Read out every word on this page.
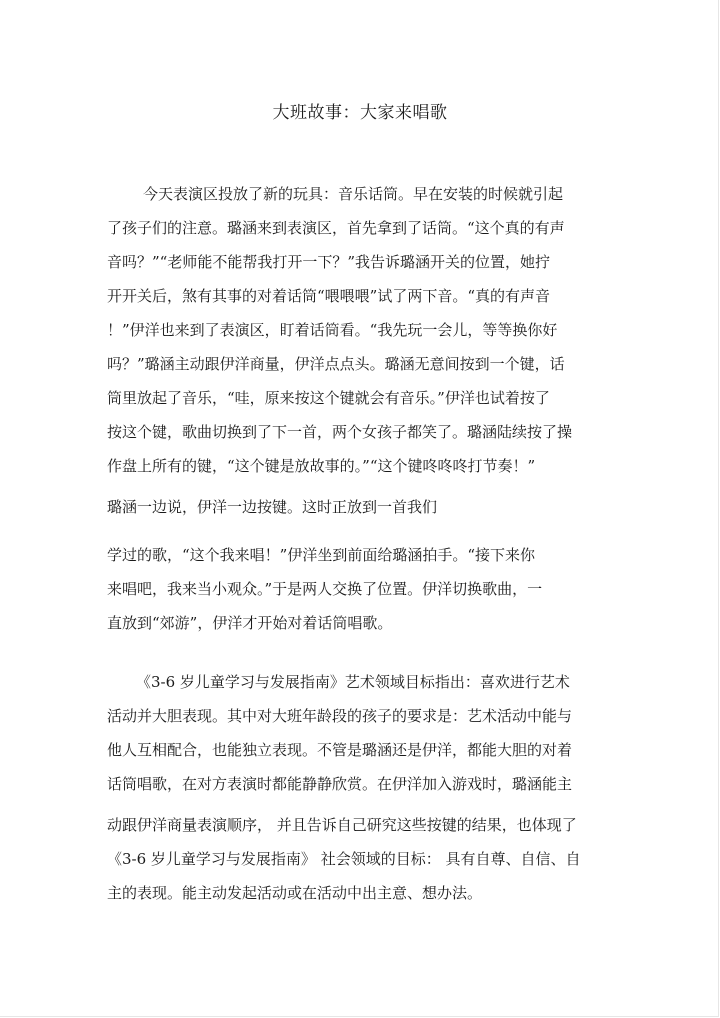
大班故事：大家来唱歌
今天表演区投放了新的玩具：音乐话筒。早在安装的时候就引起
了孩子们的注意。璐涵来到表演区，首先拿到了话筒。“这个真的有声
音吗？”“老师能不能帮我打开一下？”我告诉璐涵开关的位置，她拧
开开关后，煞有其事的对着话筒“喂喂喂”试了两下音。“真的有声音
！”伊洋也来到了表演区，盯着话筒看。“我先玩一会儿，等等换你好
吗？”璐涵主动跟伊洋商量，伊洋点点头。璐涵无意间按到一个键，话
筒里放起了音乐，“哇，原来按这个键就会有音乐。”伊洋也试着按了
按这个键，歌曲切换到了下一首，两个女孩子都笑了。璐涵陆续按了操
作盘上所有的键，“这个键是放故事的。”“这个键咚咚咚打节奏！”
璐涵一边说，伊洋一边按键。这时正放到一首我们
学过的歌，“这个我来唱！”伊洋坐到前面给璐涵拍手。“接下来你
来唱吧，我来当小观众。”于是两人交换了位置。伊洋切换歌曲，一
直放到“郊游”，伊洋才开始对着话筒唱歌。
《3-6 岁儿童学习与发展指南》艺术领域目标指出：喜欢进行艺术
活动并大胆表现。其中对大班年龄段的孩子的要求是：艺术活动中能与
他人互相配合，也能独立表现。不管是璐涵还是伊洋，都能大胆的对着
话筒唱歌，在对方表演时都能静静欣赏。在伊洋加入游戏时，璐涵能主
动跟伊洋商量表演顺序， 并且告诉自己研究这些按键的结果，也体现了
《3-6 岁儿童学习与发展指南》 社会领域的目标： 具有自尊、自信、自
主的表现。能主动发起活动或在活动中出主意、想办法。
